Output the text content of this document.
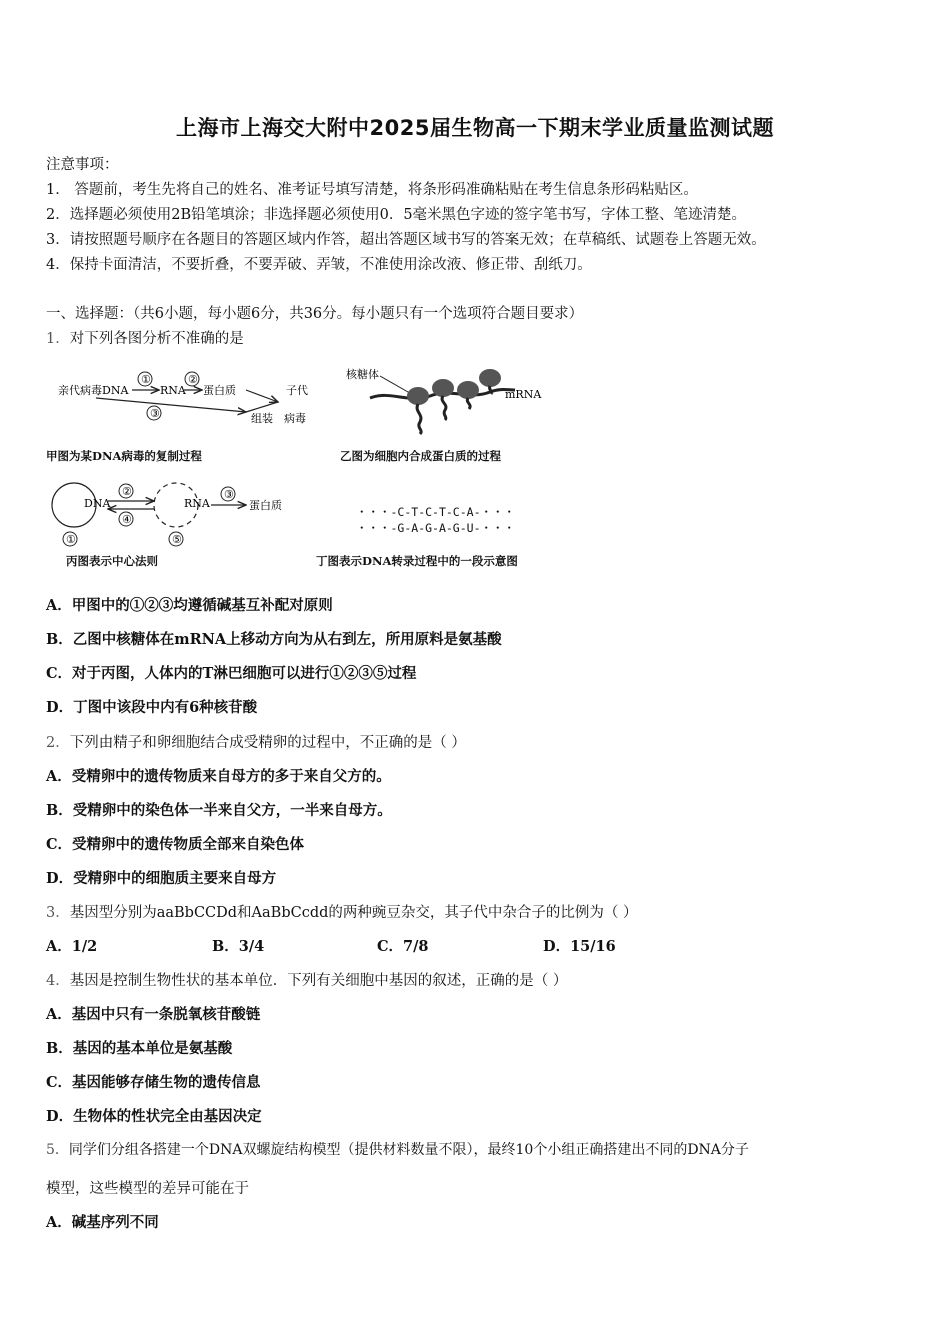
上海市上海交大附中2025届生物高一下期末学业质量监测试题
注意事项：
1． 答题前，考生先将自己的姓名、准考证号填写清楚，将条形码准确粘贴在考生信息条形码粘贴区。
2．选择题必须使用2B铅笔填涂；非选择题必须使用0．5毫米黑色字迹的签字笔书写，字体工整、笔迹清楚。
3．请按照题号顺序在各题目的答题区域内作答，超出答题区域书写的答案无效；在草稿纸、试题卷上答题无效。
4．保持卡面清洁，不要折叠，不要弄破、弄皱，不准使用涂改液、修正带、刮纸刀。
一、选择题：（共6小题，每小题6分，共36分。每小题只有一个选项符合题目要求）
1．对下列各图分析不准确的是
亲代病毒DNA
①
RNA
②
蛋白质
③
子代
组装 病毒
甲图为某DNA病毒的复制过程
核糖体
mRNA
乙图为细胞内合成蛋白质的过程
DNA
②
④
RNA
③
蛋白质
①	⑤
丙图表示中心法则
・・・-C-T-C-T-C-A-・・・
・・・-G-A-G-A-G-U-・・・
丁图表示DNA转录过程中的一段示意图
A．甲图中的①②③均遵循碱基互补配对原则
B．乙图中核糖体在mRNA上移动方向为从右到左，所用原料是氨基酸
C．对于丙图，人体内的T淋巴细胞可以进行①②③⑤过程
D．丁图中该段中内有6种核苷酸
2．下列由精子和卵细胞结合成受精卵的过程中，不正确的是（ ）
A．受精卵中的遗传物质来自母方的多于来自父方的。
B．受精卵中的染色体一半来自父方，一半来自母方。
C．受精卵中的遗传物质全部来自染色体
D．受精卵中的细胞质主要来自母方
3．基因型分别为aaBbCCDd和AaBbCcdd的两种豌豆杂交，其子代中杂合子的比例为（ ）
A．1/2	B．3/4	C．7/8	D．15/16
4．基因是控制生物性状的基本单位．下列有关细胞中基因的叙述，正确的是（ ）
A．基因中只有一条脱氧核苷酸链
B．基因的基本单位是氨基酸
C．基因能够存储生物的遗传信息
D．生物体的性状完全由基因决定
5．同学们分组各搭建一个DNA双螺旋结构模型（提供材料数量不限），最终10个小组正确搭建出不同的DNA分子
模型，这些模型的差异可能在于
A．碱基序列不同
